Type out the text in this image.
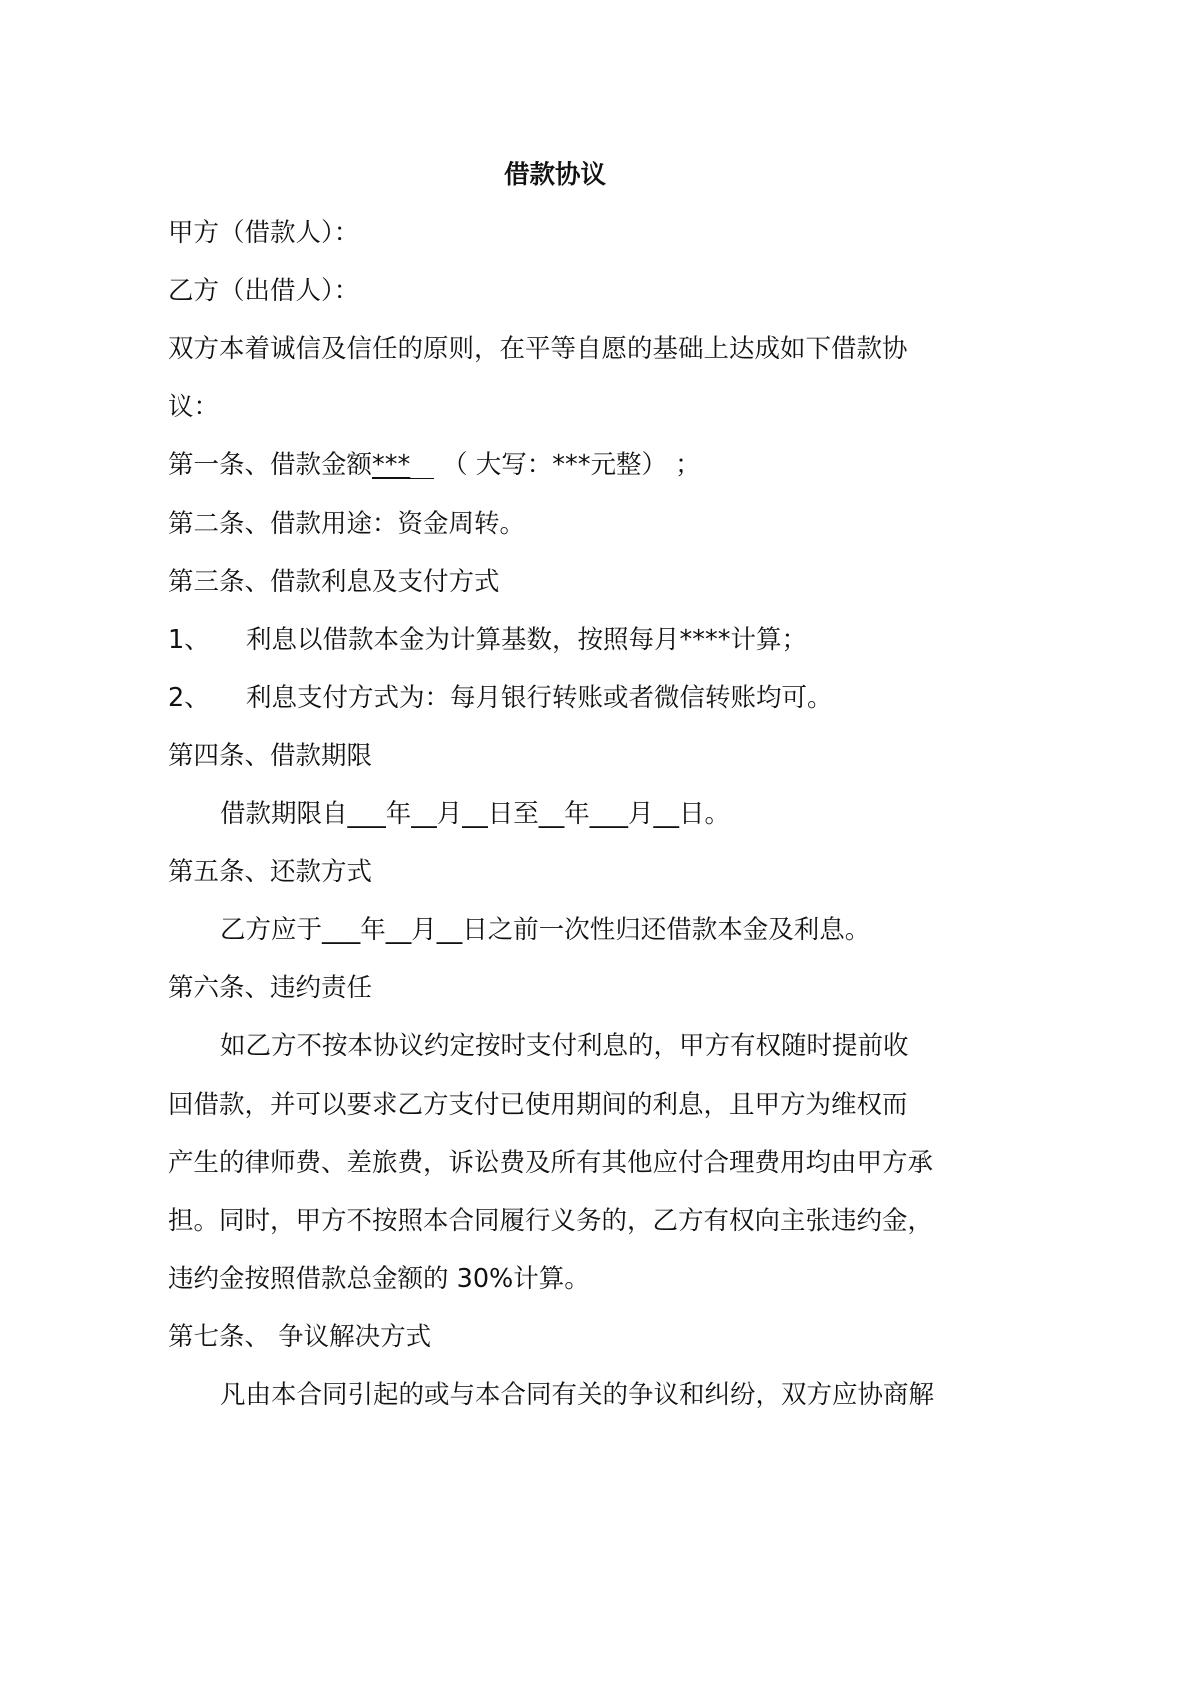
借款协议
甲方（借款人）：
乙方（出借人）：
双方本着诚信及信任的原则，在平等自愿的基础上达成如下借款协
议：
第一条、借款金额*** （ 大写：***元整） ；
第二条、借款用途：资金周转。
第三条、借款利息及支付方式
1、 利息以借款本金为计算基数，按照每月****计算；
2、 利息支付方式为：每月银行转账或者微信转账均可。
第四条、借款期限
借款期限自___年__月__日至__年___月__日。
第五条、还款方式
乙方应于___年__月__日之前一次性归还借款本金及利息。
第六条、违约责任
如乙方不按本协议约定按时支付利息的，甲方有权随时提前收
回借款，并可以要求乙方支付已使用期间的利息，且甲方为维权而
产生的律师费、差旅费，诉讼费及所有其他应付合理费用均由甲方承
担。同时，甲方不按照本合同履行义务的，乙方有权向主张违约金，
违约金按照借款总金额的 30%计算。
第七条、 争议解决方式
凡由本合同引起的或与本合同有关的争议和纠纷，双方应协商解
